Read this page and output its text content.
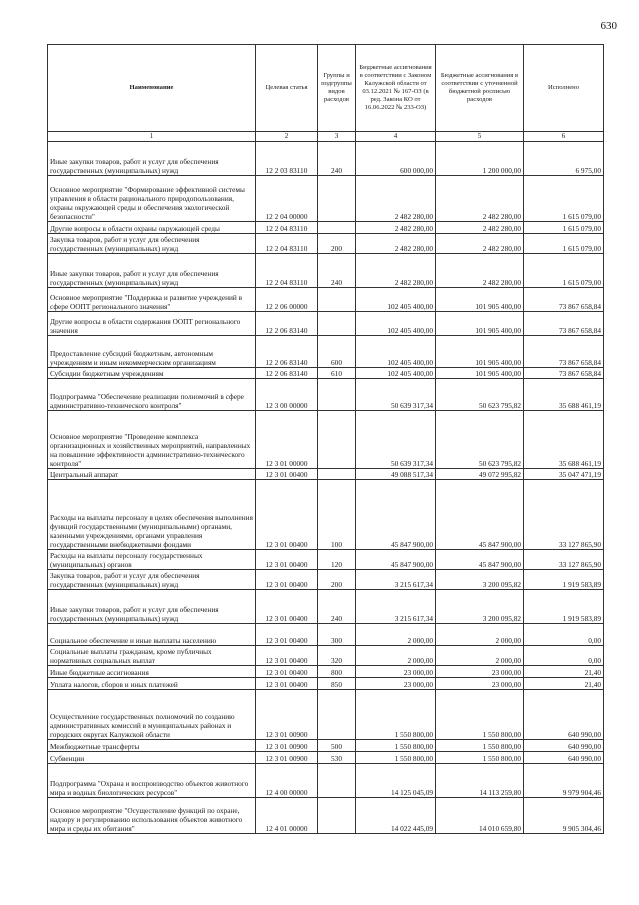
630
Наименование	Целевая статья	Группы и подгруппы видов расходов	Бюджетные ассигнования в соответствии с Законом Калужской области от 03.12.2021 № 167-ОЗ (в ред. Закона КО от 16.06.2022 № 233-ОЗ)	Бюджетные ассигнования в соответствии с уточненной бюджетной росписью расходов	Исполнено
1	2	3	4	5	6
Иные закупки товаров, работ и услуг для обеспечения государственных (муниципальных) нужд	12 2 03 83110	240	600 000,00	1 200 000,00	6 975,00
Основное мероприятие "Формирование эффективной системы управления в области рационального природопользования, охраны окружающей среды и обеспечения экологической безопасности"	12 2 04 00000		2 482 280,00	2 482 280,00	1 615 079,00
Другие вопросы в области охраны окружающей среды	12 2 04 83110		2 482 280,00	2 482 280,00	1 615 079,00
Закупка товаров, работ и услуг для обеспечения государственных (муниципальных) нужд	12 2 04 83110	200	2 482 280,00	2 482 280,00	1 615 079,00
Иные закупки товаров, работ и услуг для обеспечения государственных (муниципальных) нужд	12 2 04 83110	240	2 482 280,00	2 482 280,00	1 615 079,00
Основное мероприятие "Поддержка и развитие учреждений в сфере ООПТ регионального значения"	12 2 06 00000		102 405 400,00	101 905 400,00	73 867 658,84
Другие вопросы в области содержания ООПТ регионального значения	12 2 06 83140		102 405 400,00	101 905 400,00	73 867 658,84
Предоставление субсидий бюджетным, автономным учреждениям и иным некоммерческим организациям	12 2 06 83140	600	102 405 400,00	101 905 400,00	73 867 658,84
Субсидии бюджетным учреждениям	12 2 06 83140	610	102 405 400,00	101 905 400,00	73 867 658,84
Подпрограмма "Обеспечение реализации полномочий в сфере административно-технического контроля"	12 3 00 00000		50 639 317,34	50 623 795,82	35 688 461,19
Основное мероприятие "Проведение комплекса организационных и хозяйственных мероприятий, направленных на повышение эффективности административно-технического контроля"	12 3 01 00000		50 639 317,34	50 623 795,82	35 688 461,19
Центральный аппарат	12 3 01 00400		49 088 517,34	49 072 995,82	35 047 471,19
Расходы на выплаты персоналу в целях обеспечения выполнения функций государственными (муниципальными) органами, казенными учреждениями, органами управления государственными внебюджетными фондами	12 3 01 00400	100	45 847 900,00	45 847 900,00	33 127 865,90
Расходы на выплаты персоналу государственных (муниципальных) органов	12 3 01 00400	120	45 847 900,00	45 847 900,00	33 127 865,90
Закупка товаров, работ и услуг для обеспечения государственных (муниципальных) нужд	12 3 01 00400	200	3 215 617,34	3 200 095,82	1 919 583,89
Иные закупки товаров, работ и услуг для обеспечения государственных (муниципальных) нужд	12 3 01 00400	240	3 215 617,34	3 200 095,82	1 919 583,89
Социальное обеспечение и иные выплаты населению	12 3 01 00400	300	2 000,00	2 000,00	0,00
Социальные выплаты гражданам, кроме публичных нормативных социальных выплат	12 3 01 00400	320	2 000,00	2 000,00	0,00
Иные бюджетные ассигнования	12 3 01 00400	800	23 000,00	23 000,00	21,40
Уплата налогов, сборов и иных платежей	12 3 01 00400	850	23 000,00	23 000,00	21,40
Осуществление государственных полномочий по созданию административных комиссий в муниципальных районах и городских округах Калужской области	12 3 01 00900		1 550 800,00	1 550 800,00	640 990,00
Межбюджетные трансферты	12 3 01 00900	500	1 550 800,00	1 550 800,00	640 990,00
Субвенции	12 3 01 00900	530	1 550 800,00	1 550 800,00	640 990,00
Подпрограмма "Охрана и воспроизводство объектов животного мира и водных биологических ресурсов"	12 4 00 00000		14 125 045,09	14 113 259,80	9 979 904,46
Основное мероприятие "Осуществление функций по охране, надзору и регулированию использования объектов животного мира и среды их обитания"	12 4 01 00000		14 022 445,09	14 010 659,80	9 905 304,46
